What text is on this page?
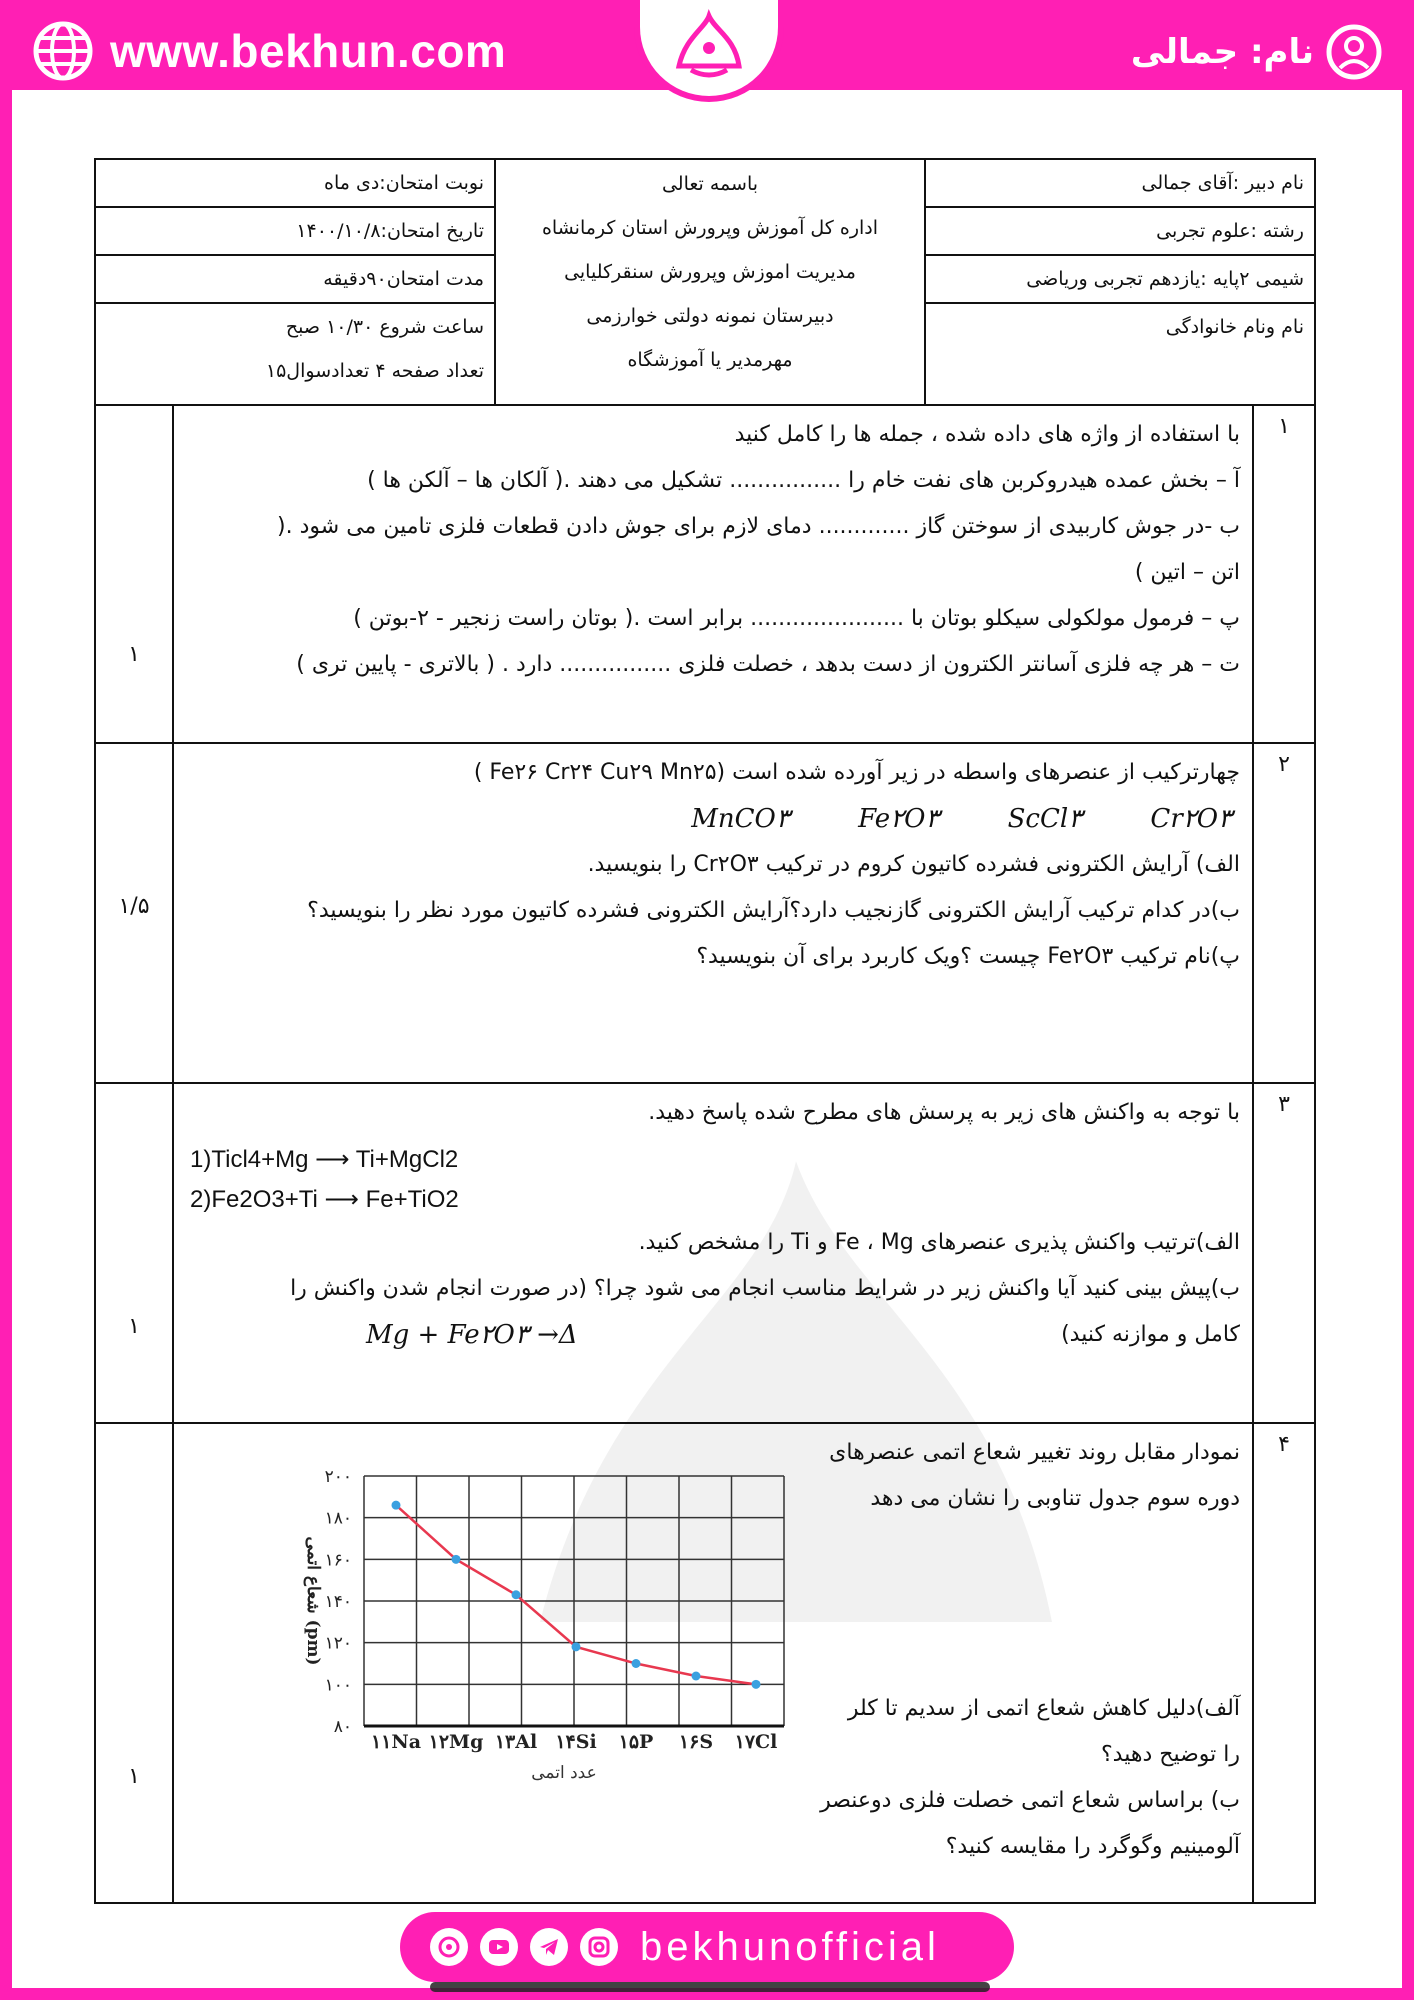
www.bekhun.com	نام: جمالی
نام دبیر :آقای جمالی
رشته :علوم تجربی
شیمی ۲پایه :یازدهم تجربی وریاضی
نام ونام خانوادگی
باسمه تعالی
اداره کل آموزش وپرورش استان کرمانشاه
مدیریت اموزش وپرورش سنقرکلیایی
دبیرستان نمونه دولتی خوارزمی
مهرمدیر یا آموزشگاه
نوبت امتحان:دی ماه
تاریخ امتحان:۱۴۰۰/۱۰/۸
مدت امتحان۹۰دقیقه
ساعت شروع ۱۰/۳۰ صبح
تعداد صفحه ۴ تعدادسوال۱۵
۱
با استفاده از واژه های داده شده ، جمله ها را کامل کنید
آ – بخش عمده هیدروکربن های نفت خام را ................ تشکیل می دهند .( آلکان ها – آلکن ها )
ب -در جوش کاربیدی از سوختن گاز ............. دمای لازم برای جوش دادن قطعات فلزی تامین می شود .(
اتن – اتین )
پ – فرمول مولکولی سیکلو بوتان با ...................... برابر است .( بوتان راست زنجیر - ۲-بوتن )
ت – هر چه فلزی آسانتر الکترون از دست بدهد ، خصلت فلزی ................ دارد . ( بالاتری - پایین تری )
۱
۲
چهارترکیب از عنصرهای واسطه در زیر آورده شده است (Fe۲۶ Cr۲۴ Cu۲۹ Mn۲۵ )
MnCO۳ Fe۲O۳ ScCl۳ Cr۲O۳
الف) آرایش الکترونی فشرده کاتیون کروم در ترکیب Cr۲O۳ را بنویسید.
ب)در کدام ترکیب آرایش الکترونی گازنجیب دارد؟آرایش الکترونی فشرده کاتیون مورد نظر را بنویسید؟
پ)نام ترکیب Fe۲O۳ چیست ؟ویک کاربرد برای آن بنویسید؟
۱/۵
۳
با توجه به واکنش های زیر به پرسش های مطرح شده پاسخ دهید.
1)Ticl4+Mg ⟶ Ti+MgCl2
2)Fe2O3+Ti ⟶ Fe+TiO2
الف)ترتیب واکنش پذیری عنصرهای Fe ، Mg و Ti را مشخص کنید.
ب)پیش بینی کنید آیا واکنش زیر در شرایط مناسب انجام می شود چرا؟ (در صورت انجام شدن واکنش را
کامل و موازنه کنید)
Mg + Fe۲O۳ →Δ
۱
۴
نمودار مقابل روند تغییر شعاع اتمی عنصرهای
دوره سوم جدول تناوبی را نشان می دهد
آلف)دلیل کاهش شعاع اتمی از سدیم تا کلر
را توضیح دهید؟
ب) براساس شعاع اتمی خصلت فلزی دوعنصر
آلومینیم وگوگرد را مقایسه کنید؟
۸۰
۱۰۰
۱۲۰
۱۴۰
۱۶۰
۱۸۰
۲۰۰
۱۱Na ۱۲Mg ۱۳Al ۱۴Si ۱۵P ۱۶S ۱۷Cl
عدد اتمی
شعاع اتمی (pm)
۱
bekhunofficial
